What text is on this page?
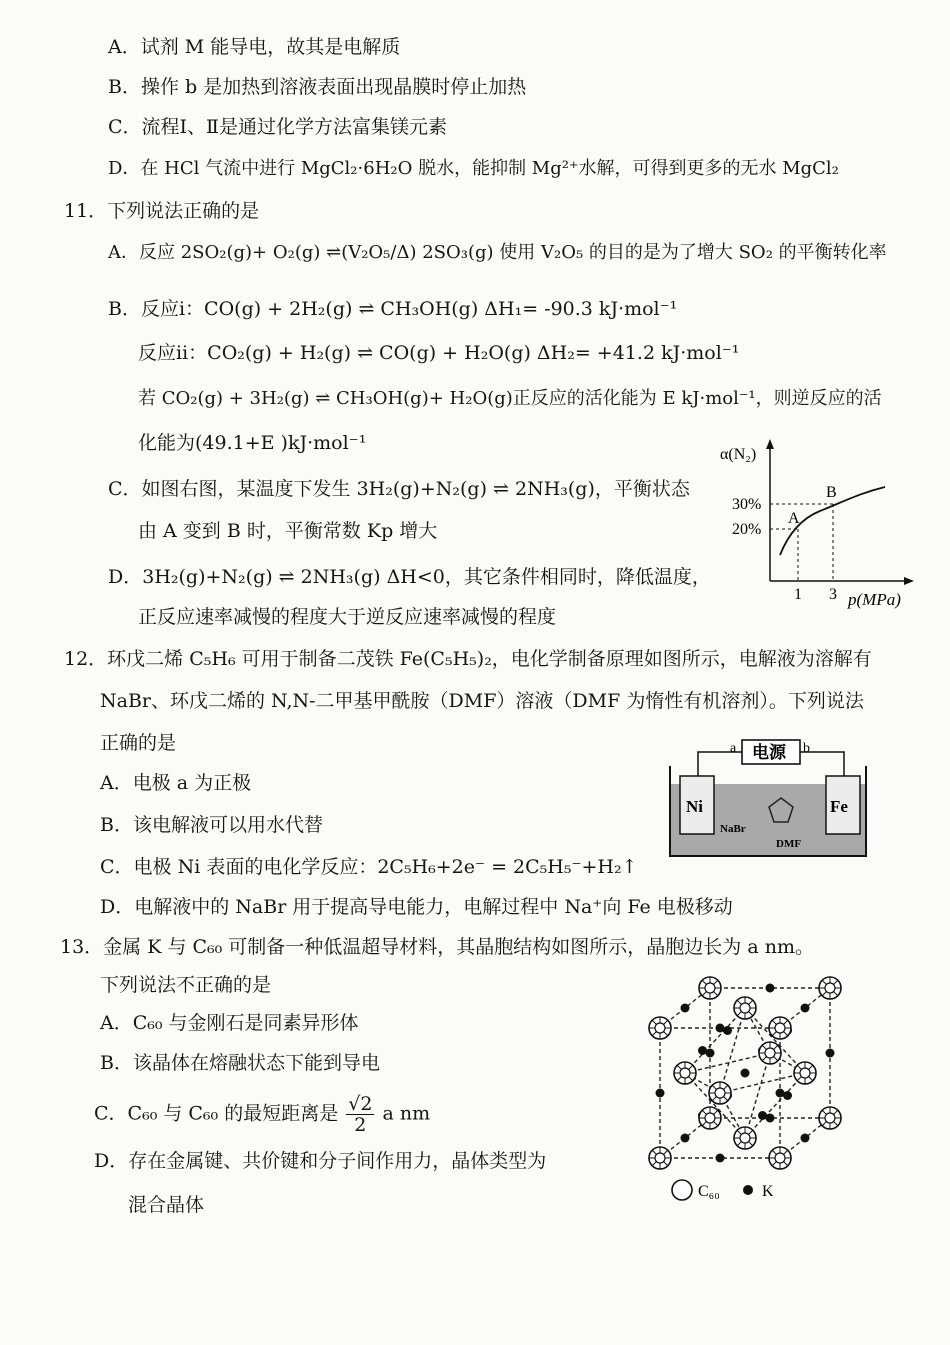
A．试剂 M 能导电，故其是电解质
B．操作 b 是加热到溶液表面出现晶膜时停止加热
C．流程Ⅰ、Ⅱ是通过化学方法富集镁元素
D．在 HCl 气流中进行 MgCl₂·6H₂O 脱水，能抑制 Mg²⁺水解，可得到更多的无水 MgCl₂
11．下列说法正确的是
A．反应 2SO₂(g)+ O₂(g) ⇌(V₂O₅/Δ) 2SO₃(g) 使用 V₂O₅ 的目的是为了增大 SO₂ 的平衡转化率
B．反应ⅰ：CO(g) + 2H₂(g) ⇌ CH₃OH(g) ΔH₁= -90.3 kJ·mol⁻¹
反应ⅱ：CO₂(g) + H₂(g) ⇌ CO(g) + H₂O(g) ΔH₂= +41.2 kJ·mol⁻¹
若 CO₂(g) + 3H₂(g) ⇌ CH₃OH(g)+ H₂O(g)正反应的活化能为 E kJ·mol⁻¹，则逆反应的活
化能为(49.1+E )kJ·mol⁻¹
C．如图右图，某温度下发生 3H₂(g)+N₂(g) ⇌ 2NH₃(g)，平衡状态
由 A 变到 B 时，平衡常数 Kp 增大
D．3H₂(g)+N₂(g) ⇌ 2NH₃(g) ΔH<0，其它条件相同时，降低温度，
正反应速率减慢的程度大于逆反应速率减慢的程度
α(N₂)
30%
20%
1 3 p(MPa)
A
B
12．环戊二烯 C₅H₆ 可用于制备二茂铁 Fe(C₅H₅)₂，电化学制备原理如图所示，电解液为溶解有
NaBr、环戊二烯的 N,N-二甲基甲酰胺（DMF）溶液（DMF 为惰性有机溶剂）。下列说法
正确的是
A．电极 a 为正极
B．该电解液可以用水代替
C．电极 Ni 表面的电化学反应：2C₅H₆+2e⁻ = 2C₅H₅⁻+H₂↑
D．电解液中的 NaBr 用于提高导电能力，电解过程中 Na⁺向 Fe 电极移动
电源
a	b
Ni	Fe
NaBr
DMF
13．金属 K 与 C₆₀ 可制备一种低温超导材料，其晶胞结构如图所示，晶胞边长为 a nm。
下列说法不正确的是
A．C₆₀ 与金刚石是同素异形体
B．该晶体在熔融状态下能到导电
C．C₆₀ 与 C₆₀ 的最短距离是 $\frac{√2}{2}$ a nm
D．存在金属键、共价键和分子间作用力，晶体类型为
混合晶体
C₆₀	K
